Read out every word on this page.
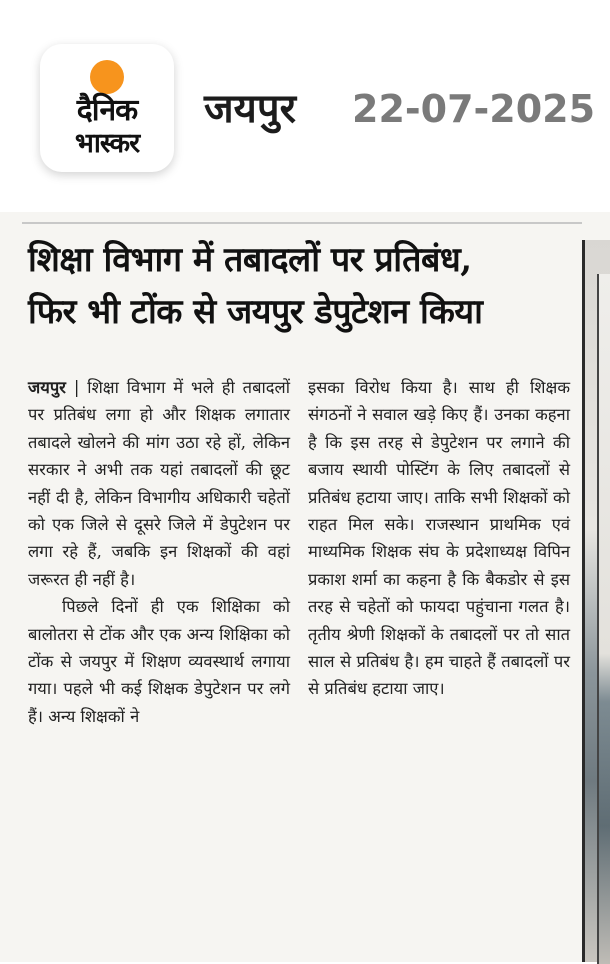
दैनिक
भास्कर
जयपुर 22-07-2025
शिक्षा विभाग में तबादलों पर प्रतिबंध,
फिर भी टोंक से जयपुर डेपुटेशन किया

जयपुर | शिक्षा विभाग में भले ही तबादलों पर प्रतिबंध लगा हो और शिक्षक लगातार तबादले खोलने की मांग उठा रहे हों, लेकिन सरकार ने अभी तक यहां तबादलों की छूट नहीं दी है, लेकिन विभागीय अधिकारी चहेतों को एक जिले से दूसरे जिले में डेपुटेशन पर लगा रहे हैं, जबकि इन शिक्षकों की वहां जरूरत ही नहीं है।

पिछले दिनों ही एक शिक्षिका को बालोतरा से टोंक और एक अन्य शिक्षिका को टोंक से जयपुर में शिक्षण व्यवस्थार्थ लगाया गया। पहले भी कई शिक्षक डेपुटेशन पर लगे हैं। अन्य शिक्षकों ने

इसका विरोध किया है। साथ ही शिक्षक संगठनों ने सवाल खड़े किए हैं। उनका कहना है कि इस तरह से डेपुटेशन पर लगाने की बजाय स्थायी पोस्टिंग के लिए तबादलों से प्रतिबंध हटाया जाए। ताकि सभी शिक्षकों को राहत मिल सके। राजस्थान प्राथमिक एवं माध्यमिक शिक्षक संघ के प्रदेशाध्यक्ष विपिन प्रकाश शर्मा का कहना है कि बैकडोर से इस तरह से चहेतों को फायदा पहुंचाना गलत है। तृतीय श्रेणी शिक्षकों के तबादलों पर तो सात साल से प्रतिबंध है। हम चाहते हैं तबादलों पर से प्रतिबंध हटाया जाए।
